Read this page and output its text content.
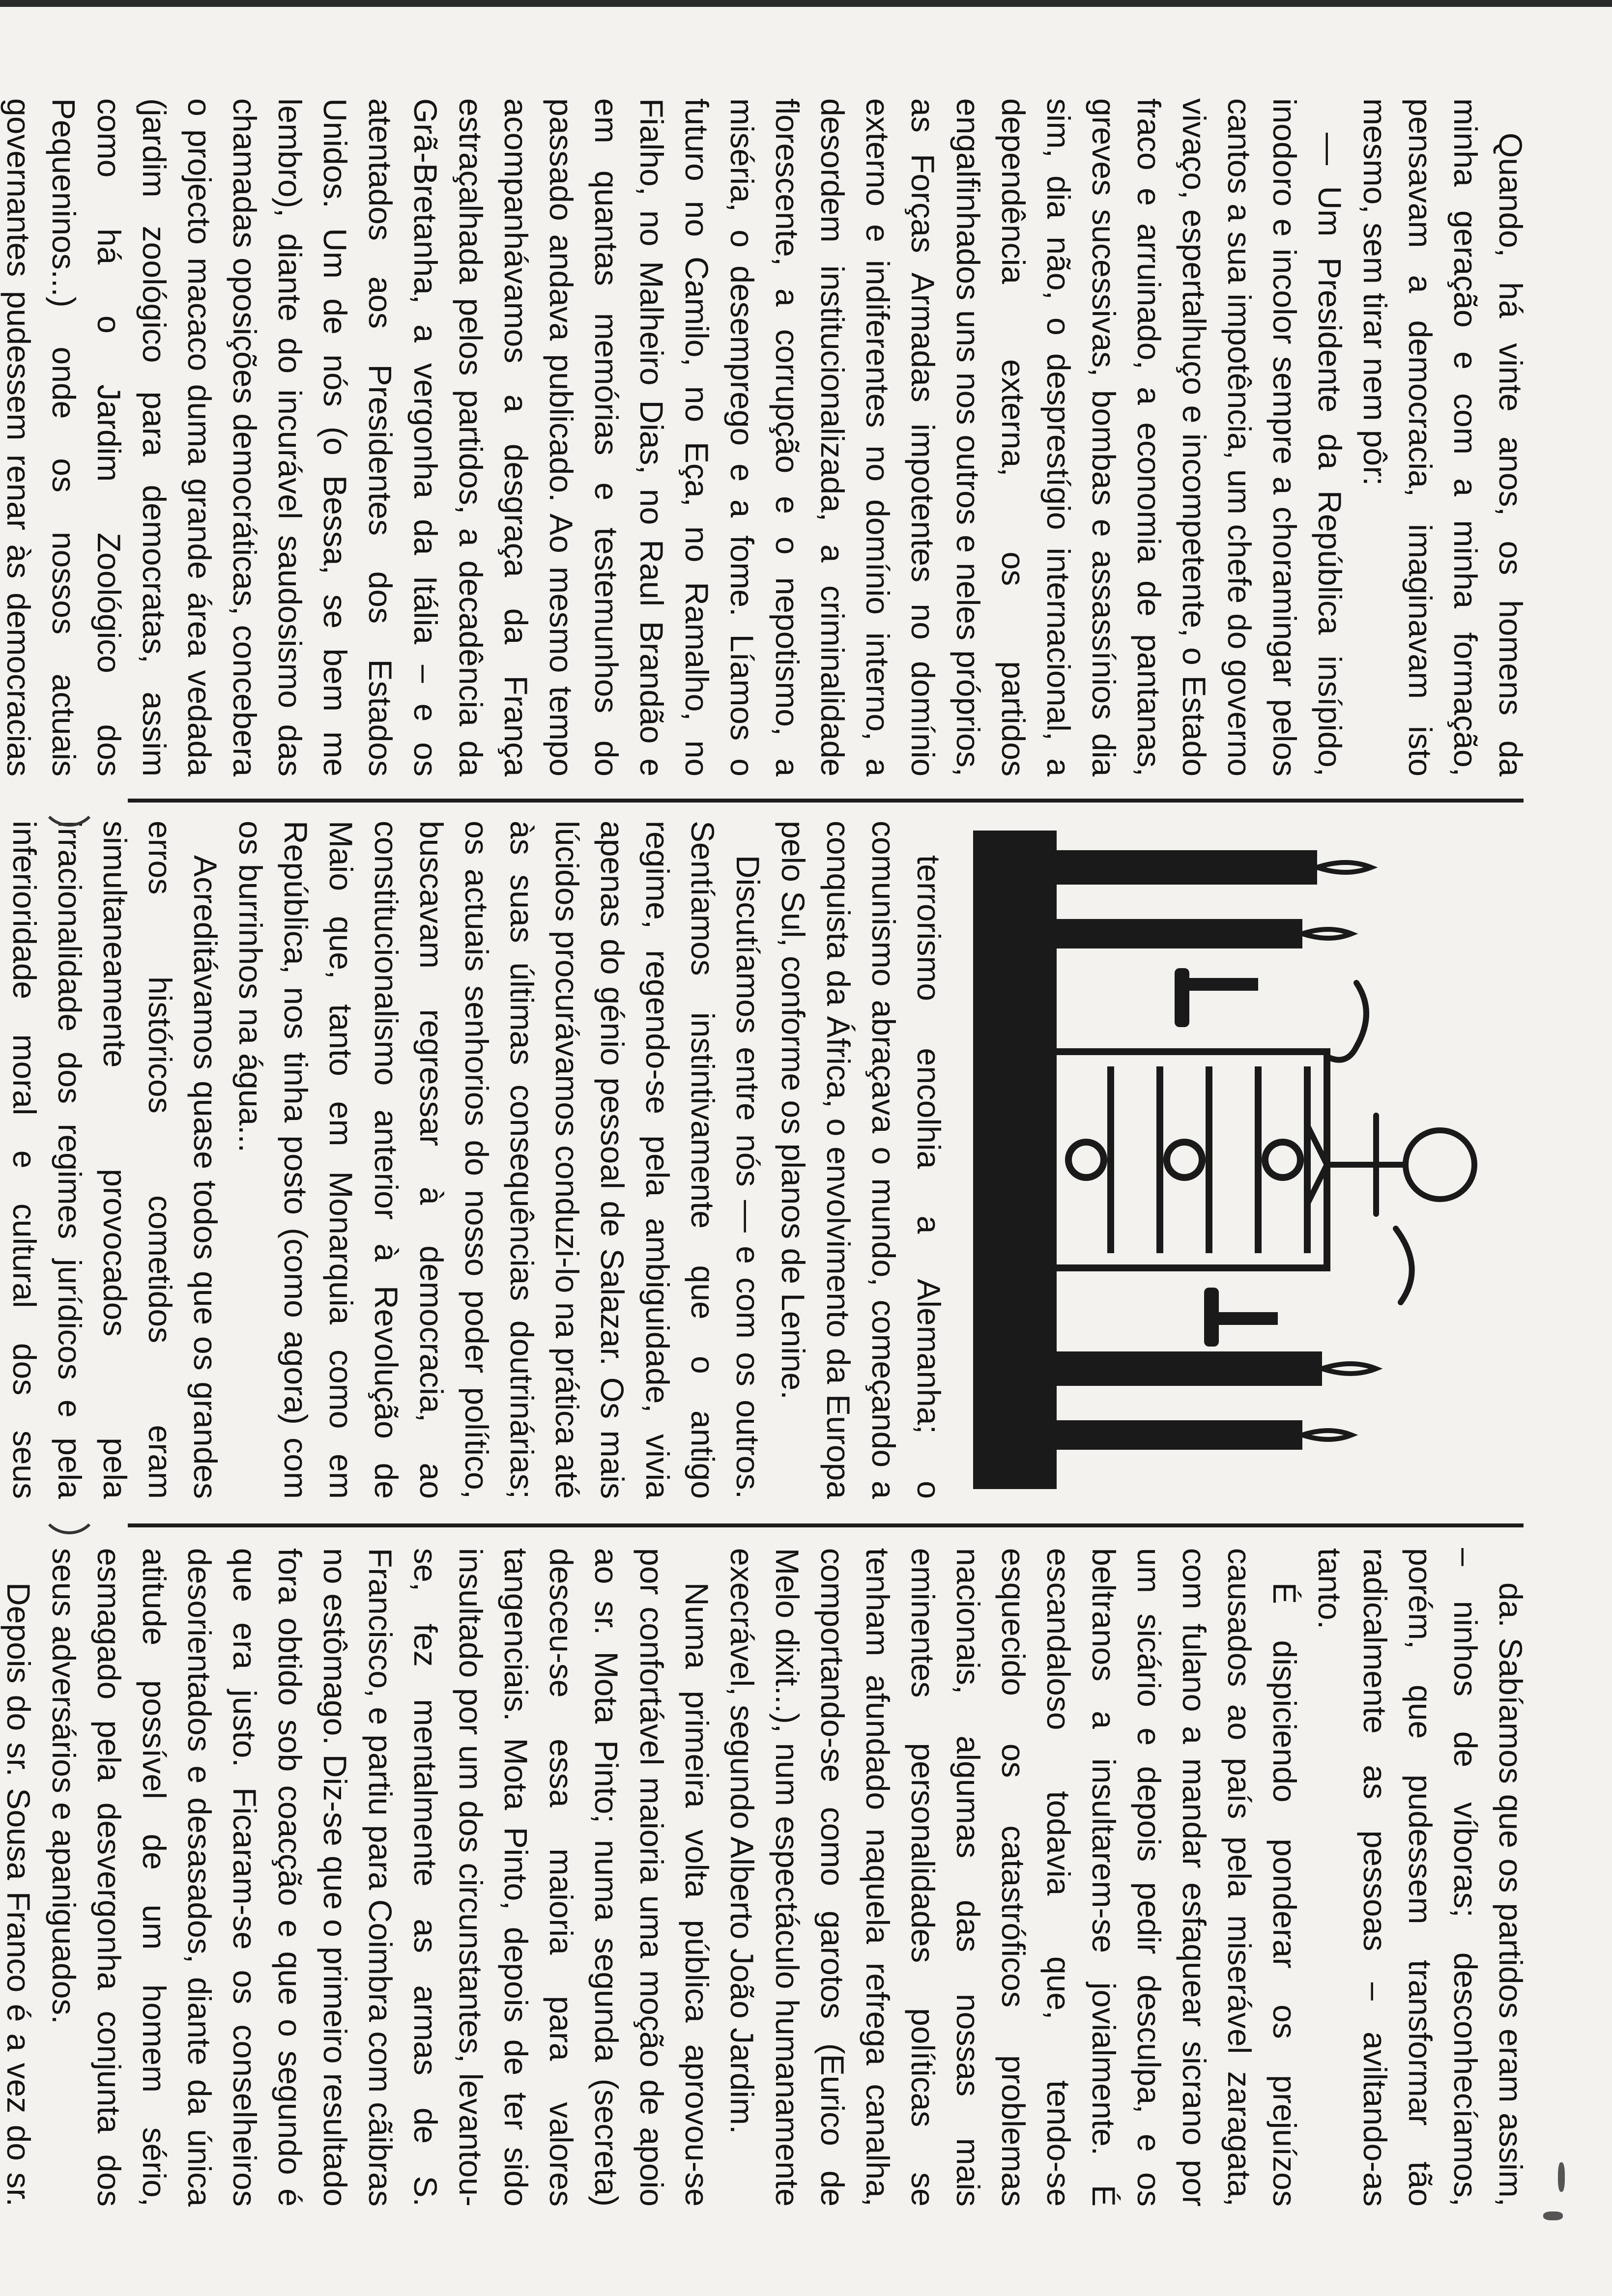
Quando, há vinte anos, os homens da minha geração e com a minha formação, pensavam a democracia, imaginavam isto mesmo, sem tirar nem pôr:

— Um Presidente da República insípido, inodoro e incolor sempre a choramingar pelos cantos a sua impotência, um chefe do governo vivaço, espertalhuço e incompetente, o Estado fraco e arruinado, a economia de pantanas, greves sucessivas, bombas e assassínios dia sim, dia não, o desprestígio internacional, a dependência externa, os partidos engalfinhados uns nos outros e neles próprios, as Forças Armadas impotentes no domínio externo e indiferentes no domínio interno, a desordem institucionalizada, a criminalidade florescente, a corrupção e o nepotismo, a miséria, o desemprego e a fome. Líamos o futuro no Camilo, no Eça, no Ramalho, no Fialho, no Malheiro Dias, no Raul Brandão e em quantas memórias e testemunhos do passado andava publicado. Ao mesmo tempo acompanhávamos a desgraça da França estraçalhada pelos partidos, a decadência da Grã-Bretanha, a vergonha da Itália – e os atentados aos Presidentes dos Estados Unidos. Um de nós (o Bessa, se bem me lembro), diante do incurável saudosismo das chamadas oposições democráticas, concebera o projecto macaco duma grande área vedada (jardim zoológico para democratas, assim como há o Jardim Zoológico dos Pequeninos...) onde os nossos actuais governantes pudessem renar às democracias

terrorismo encolhia a Alemanha; o comunismo abraçava o mundo, começando a conquista da África, o envolvimento da Europa pelo Sul, conforme os planos de Lenine.

Discutíamos entre nós — e com os outros. Sentíamos instintivamente que o antigo regime, regendo-se pela ambiguidade, vivia apenas do génio pessoal de Salazar. Os mais lúcidos procurávamos conduzi-lo na prática até às suas últimas consequências doutrinárias; os actuais senhorios do nosso poder político, buscavam regressar à democracia, ao constitucionalismo anterior à Revolução de Maio que, tanto em Monarquia como em República, nos tinha posto (como agora) com os burrinhos na água...

Acreditávamos quase todos que os grandes erros históricos cometidos eram simultaneamente provocados pela irracionalidade dos regimes jurídicos e pela inferioridade moral e cultural dos seus

da. Sabíamos que os partidos eram assim, – ninhos de víboras; desconhecíamos, porém, que pudessem transformar tão radicalmente as pessoas – aviltando-as tanto.

É dispiciendo ponderar os prejuízos causados ao país pela miserável zaragata, com fulano a mandar esfaquear sicrano por um sicário e depois pedir desculpa, e os beltranos a insultarem-se jovialmente. É escandaloso todavia que, tendo-se esquecido os catastróficos problemas nacionais, algumas das nossas mais eminentes personalidades políticas se tenham afundado naquela refrega canalha, comportando-se como garotos (Eurico de Melo dixit...), num espectáculo humanamente execrável, segundo Alberto João Jardim.

Numa primeira volta pública aprovou-se por confortável maioria uma moção de apoio ao sr. Mota Pinto; numa segunda (secreta) desceu-se essa maioria para valores tangenciais. Mota Pinto, depois de ter sido insultado por um dos circunstantes, levantou-se, fez mentalmente as armas de S. Francisco, e partiu para Coimbra com cãibras no estômago. Diz-se que o primeiro resultado fora obtido sob coacção e que o segundo é que era justo. Ficaram-se os conselheiros desorientados e desasados, diante da única atitude possível de um homem sério, esmagado pela desvergonha conjunta dos seus adversários e apaniguados.

Depois do sr. Sousa Franco é a vez do sr.
